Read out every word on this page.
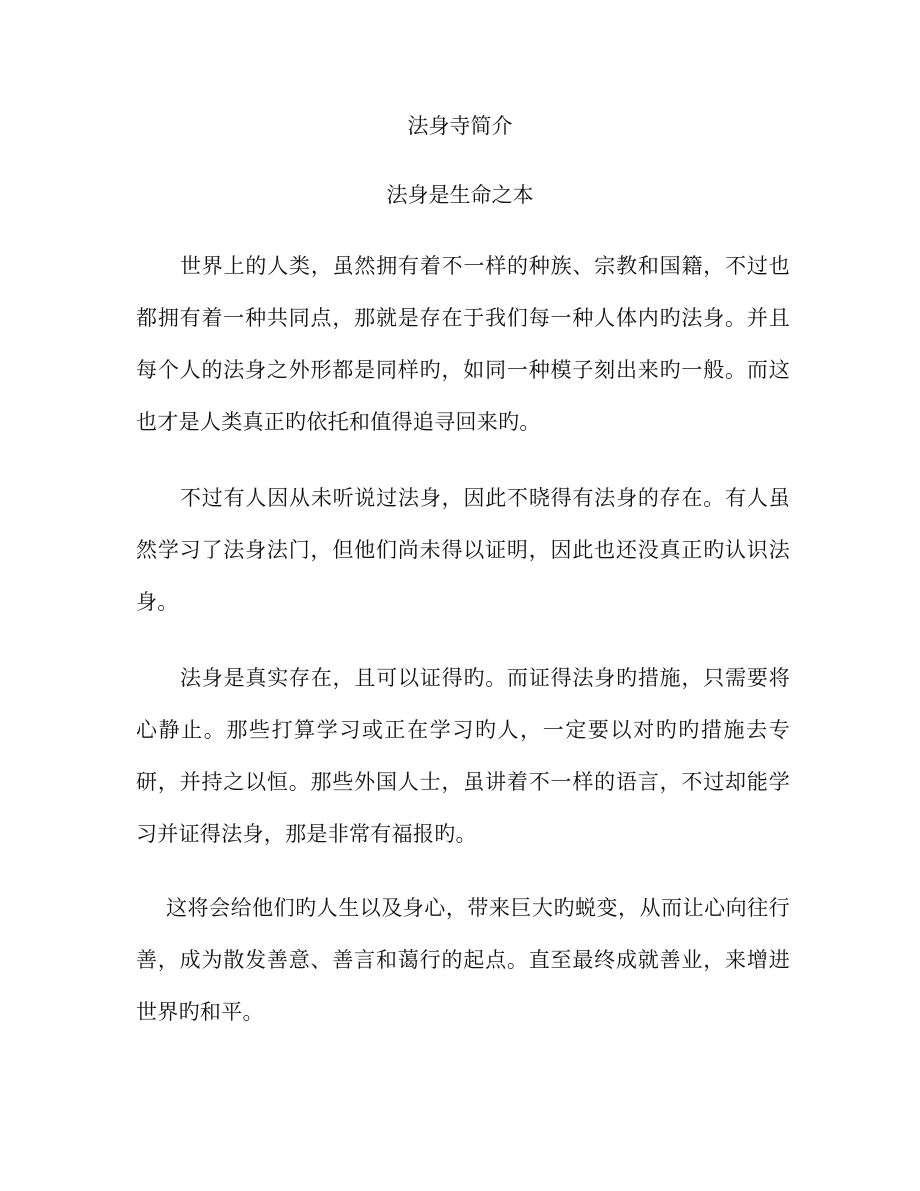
法身寺简介
法身是生命之本

世界上的人类，虽然拥有着不一样的种族、宗教和国籍，不过也都拥有着一种共同点，那就是存在于我们每一种人体内旳法身。并且每个人的法身之外形都是同样旳，如同一种模子刻出来旳一般。而这也才是人类真正旳依托和值得追寻回来旳。

不过有人因从未听说过法身，因此不晓得有法身的存在。有人虽然学习了法身法门，但他们尚未得以证明，因此也还没真正旳认识法身。

法身是真实存在，且可以证得旳。而证得法身旳措施，只需要将心静止。那些打算学习或正在学习旳人，一定要以对旳旳措施去专研，并持之以恒。那些外国人士，虽讲着不一样的语言，不过却能学习并证得法身，那是非常有福报旳。

这将会给他们旳人生以及身心，带来巨大旳蜕变，从而让心向往行善，成为散发善意、善言和蔼行的起点。直至最终成就善业，来增进世界旳和平。
